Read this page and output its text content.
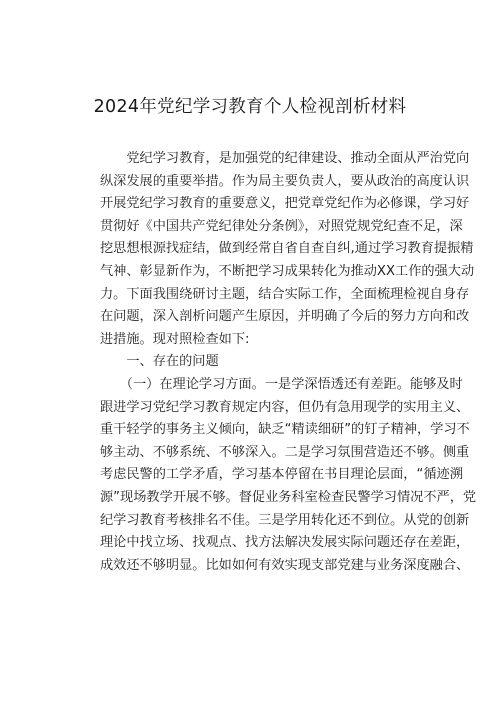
2024年党纪学习教育个人检视剖析材料
　　党纪学习教育，是加强党的纪律建设、推动全面从严治党向
纵深发展的重要举措。作为局主要负责人，要从政治的高度认识
开展党纪学习教育的重要意义，把党章党纪作为必修课，学习好
贯彻好《中国共产党纪律处分条例》，对照党规党纪查不足，深
挖思想根源找症结，做到经常自省自查自纠,通过学习教育提振精
气神、彰显新作为，不断把学习成果转化为推动XX工作的强大动
力。下面我围绕研讨主题，结合实际工作，全面梳理检视自身存
在问题，深入剖析问题产生原因，并明确了今后的努力方向和改
进措施。现对照检查如下:
　　一、存在的问题
　　（一）在理论学习方面。一是学深悟透还有差距。能够及时
跟进学习党纪学习教育规定内容，但仍有急用现学的实用主义、
重干轻学的事务主义倾向，缺乏“精读细研”的钉子精神，学习不
够主动、不够系统、不够深入。二是学习氛围营造还不够。侧重
考虑民警的工学矛盾，学习基本停留在书目理论层面，“循迹溯
源”现场教学开展不够。督促业务科室检查民警学习情况不严，党
纪学习教育考核排名不佳。三是学用转化还不到位。从党的创新
理论中找立场、找观点、找方法解决发展实际问题还存在差距，
成效还不够明显。比如如何有效实现支部党建与业务深度融合、
